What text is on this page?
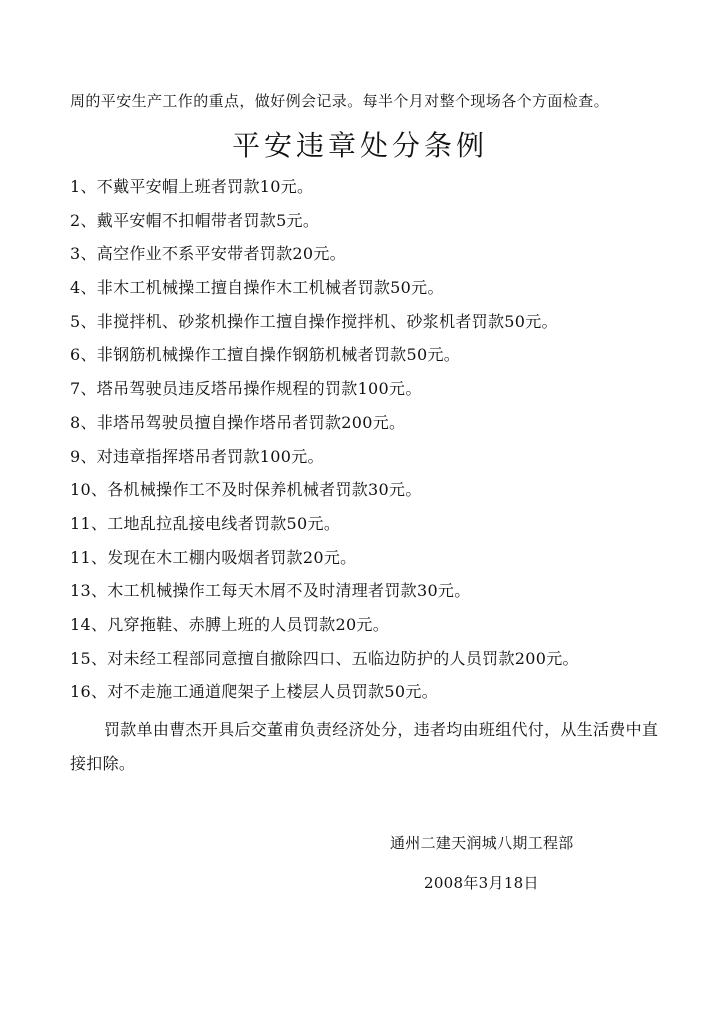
周的平安生产工作的重点，做好例会记录。每半个月对整个现场各个方面检查。
平安违章处分条例
1、不戴平安帽上班者罚款10元。
2、戴平安帽不扣帽带者罚款5元。
3、高空作业不系平安带者罚款20元。
4、非木工机械操工擅自操作木工机械者罚款50元。
5、非搅拌机、砂浆机操作工擅自操作搅拌机、砂浆机者罚款50元。
6、非钢筋机械操作工擅自操作钢筋机械者罚款50元。
7、塔吊驾驶员违反塔吊操作规程的罚款100元。
8、非塔吊驾驶员擅自操作塔吊者罚款200元。
9、对违章指挥塔吊者罚款100元。
10、各机械操作工不及时保养机械者罚款30元。
11、工地乱拉乱接电线者罚款50元。
11、发现在木工棚内吸烟者罚款20元。
13、木工机械操作工每天木屑不及时清理者罚款30元。
14、凡穿拖鞋、赤膊上班的人员罚款20元。
15、对未经工程部同意擅自撤除四口、五临边防护的人员罚款200元。
16、对不走施工通道爬架子上楼层人员罚款50元。

罚款单由曹杰开具后交董甫负责经济处分，违者均由班组代付，从生活费中直接扣除。

通州二建天润城八期工程部
2008年3月18日
